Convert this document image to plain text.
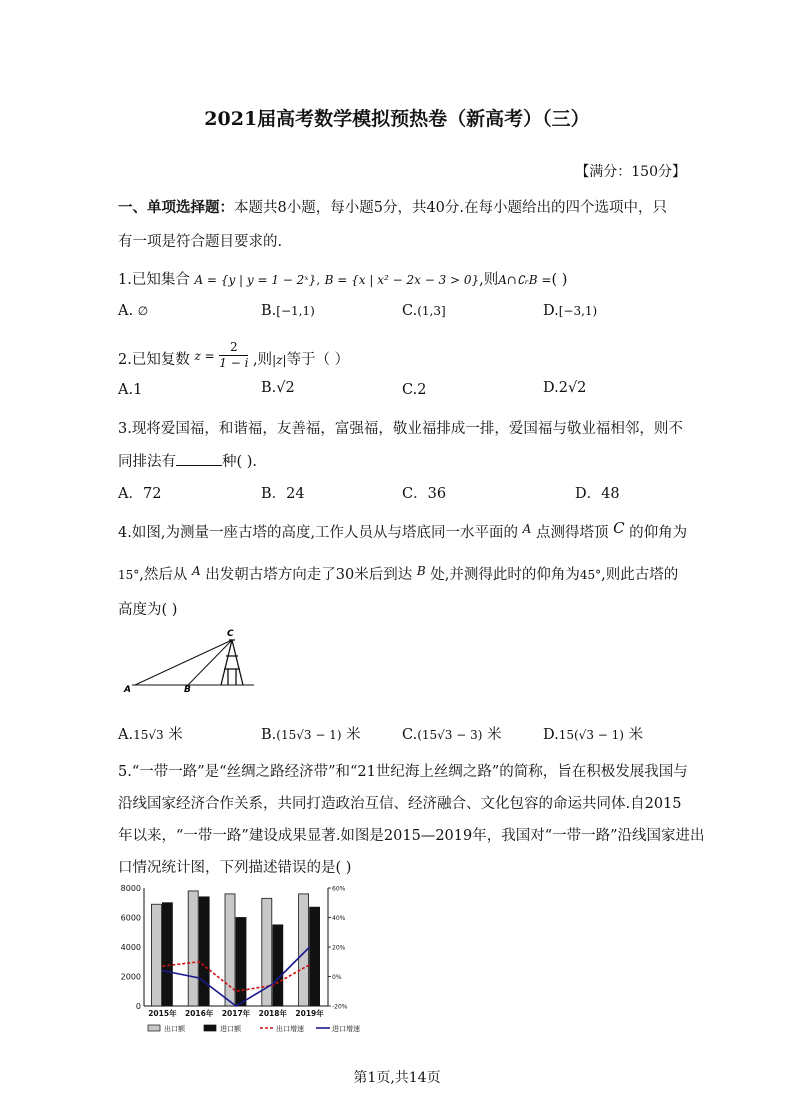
2021届高考数学模拟预热卷（新高考）（三）
【满分：150分】
一、单项选择题：本题共8小题，每小题5分，共40分.在每小题给出的四个选项中，只
有一项是符合题目要求的.
1.已知集合 A = {y | y = 1 − 2ˣ}, B = {x | x² − 2x − 3 > 0},则A∩∁ᵣB =( )
A. ∅	B.[−1,1)	C.(1,3]	D.[−3,1)
2.已知复数 $_{z =} \frac{2}{1 - i}$ ,则$_{|z|}$等于（ ）
A.1	B.√2	C.2	D.2√2
3.现将爱国福，和谐福，友善福，富强福，敬业福排成一排，爱国福与敬业福相邻，则不
同排法有	种( ).
A．72	B．24	C．36	D．48
4.如图,为测量一座古塔的高度,工作人员从与塔底同一水平面的 $^A$ 点测得塔顶 C 的仰角为
15°,然后从 $^A$ 出发朝古塔方向走了30米后到达 $^B$ 处,并测得此时的仰角为45°,则此古塔的
高度为( )
A	B
C
A.15√3 米	B.(15√3 − 1) 米	C.(15√3 − 3) 米	D.15(√3 − 1) 米
5.“一带一路”是“丝绸之路经济带”和“21世纪海上丝绸之路”的简称，旨在积极发展我国与
沿线国家经济合作关系，共同打造政治互信、经济融合、文化包容的命运共同体.自2015
年以来，“一带一路”建设成果显著.如图是2015—2019年，我国对“一带一路”沿线国家进出
口情况统计图，下列描述错误的是( )
0
2000
4000
6000
8000
-20%
0%
20%
40%
60%
2015年 2016年 2017年 2018年 2019年
出口额	进口额	出口增速	进口增速
第1页,共14页
